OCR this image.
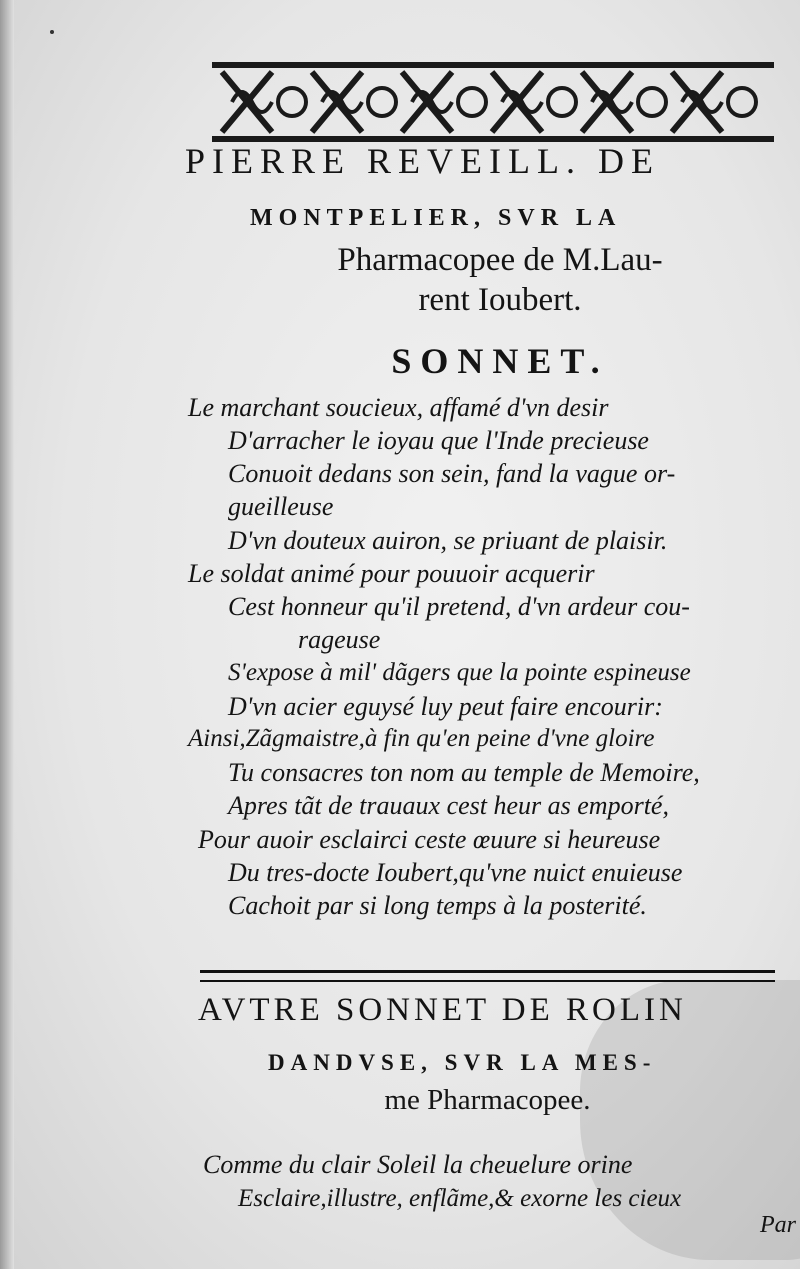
PIERRE REVEILL. DE
MONTPELIER, SVR LA
Pharmacopee de M.Lau-
rent Ioubert.
SONNET.
Le marchant soucieux, affamé d'vn desir
D'arracher le ioyau que l'Inde precieuse
Conuoit dedans son sein, fand la vague or-
gueilleuse
D'vn douteux auiron, se priuant de plaisir.
Le soldat animé pour pouuoir acquerir
Cest honneur qu'il pretend, d'vn ardeur cou-
rageuse
S'expose à mil' dãgers que la pointe espineuse
D'vn acier eguysé luy peut faire encourir:
Ainsi,Zãgmaistre,à fin qu'en peine d'vne gloire
Tu consacres ton nom au temple de Memoire,
Apres tãt de trauaux cest heur as emporté,
Pour auoir esclairci ceste œuure si heureuse
Du tres-docte Ioubert,qu'vne nuict enuieuse
Cachoit par si long temps à la posterité.
AVTRE SONNET DE ROLIN
DANDVSE, SVR LA MES-
me Pharmacopee.
Comme du clair Soleil la cheuelure orine
Esclaire,illustre, enflãme,& exorne les cieux
Par
